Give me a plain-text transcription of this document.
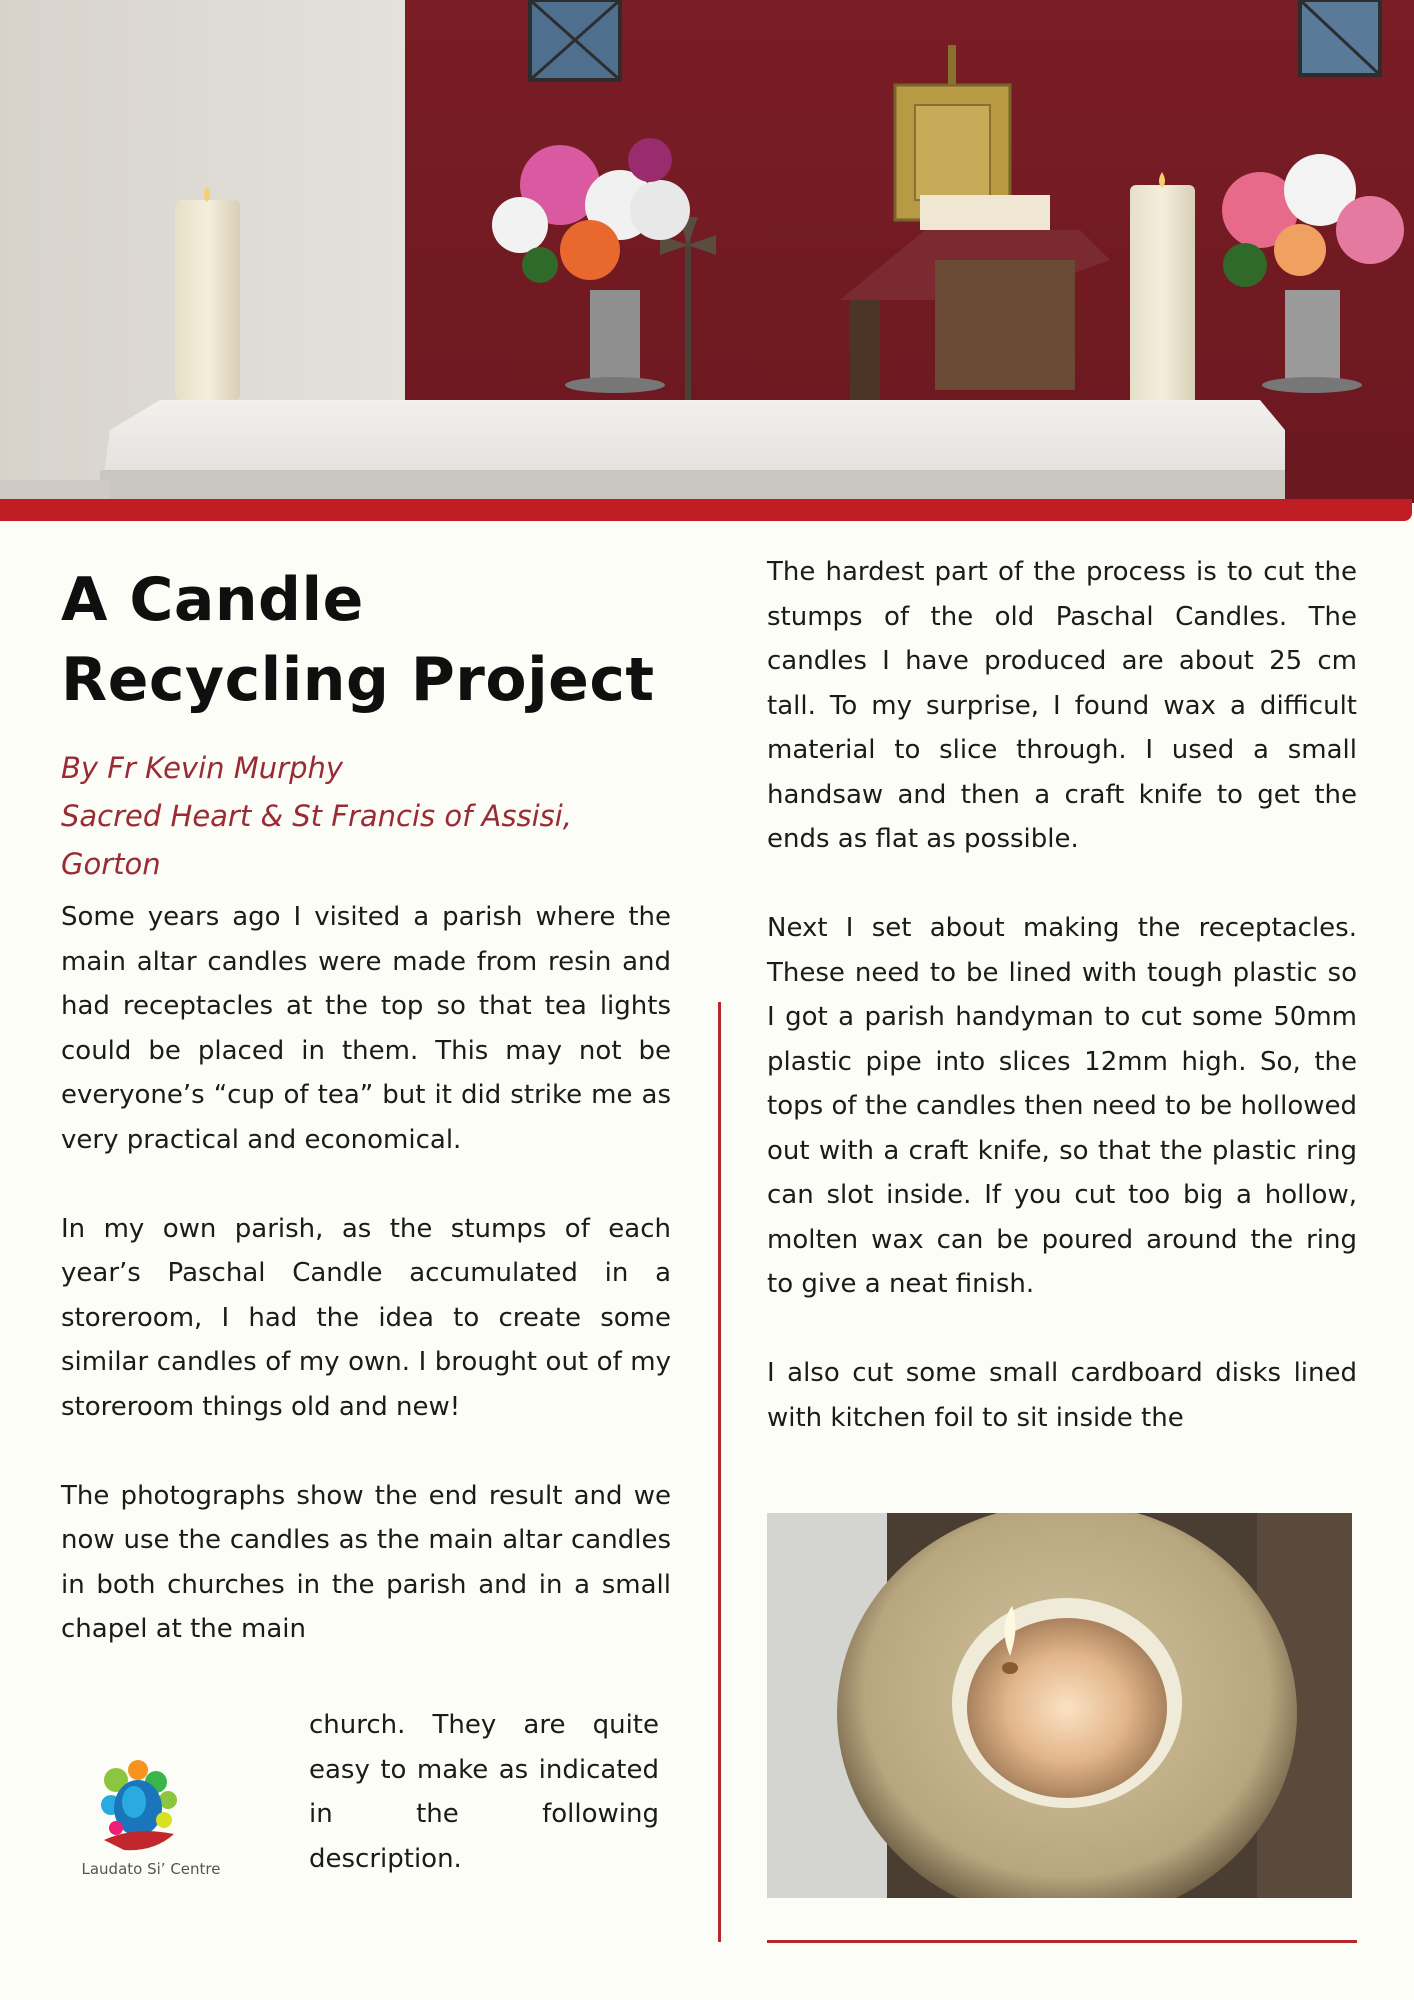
A Candle
Recycling Project
By Fr Kevin Murphy
Sacred Heart & St Francis of Assisi,
Gorton

Some years ago I visited a parish where the main altar candles were made from resin and had receptacles at the top so that tea lights could be placed in them. This may not be everyone’s “cup of tea” but it did strike me as very practical and economical.

In my own parish, as the stumps of each year’s Paschal Candle accumulated in a storeroom, I had the idea to create some similar candles of my own. I brought out of my storeroom things old and new!

The photographs show the end result and we now use the candles as the main altar candles in both churches in the parish and in a small chapel at the main

church. They are quite easy to make as indicated in the following description.

Laudato Si’ Centre

The hardest part of the process is to cut the stumps of the old Paschal Candles. The candles I have produced are about 25 cm tall. To my surprise, I found wax a difficult material to slice through. I used a small handsaw and then a craft knife to get the ends as flat as possible.

Next I set about making the receptacles. These need to be lined with tough plastic so I got a parish handyman to cut some 50mm plastic pipe into slices 12mm high. So, the tops of the candles then need to be hollowed out with a craft knife, so that the plastic ring can slot inside. If you cut too big a hollow, molten wax can be poured around the ring to give a neat finish.

I also cut some small cardboard disks lined with kitchen foil to sit inside the
